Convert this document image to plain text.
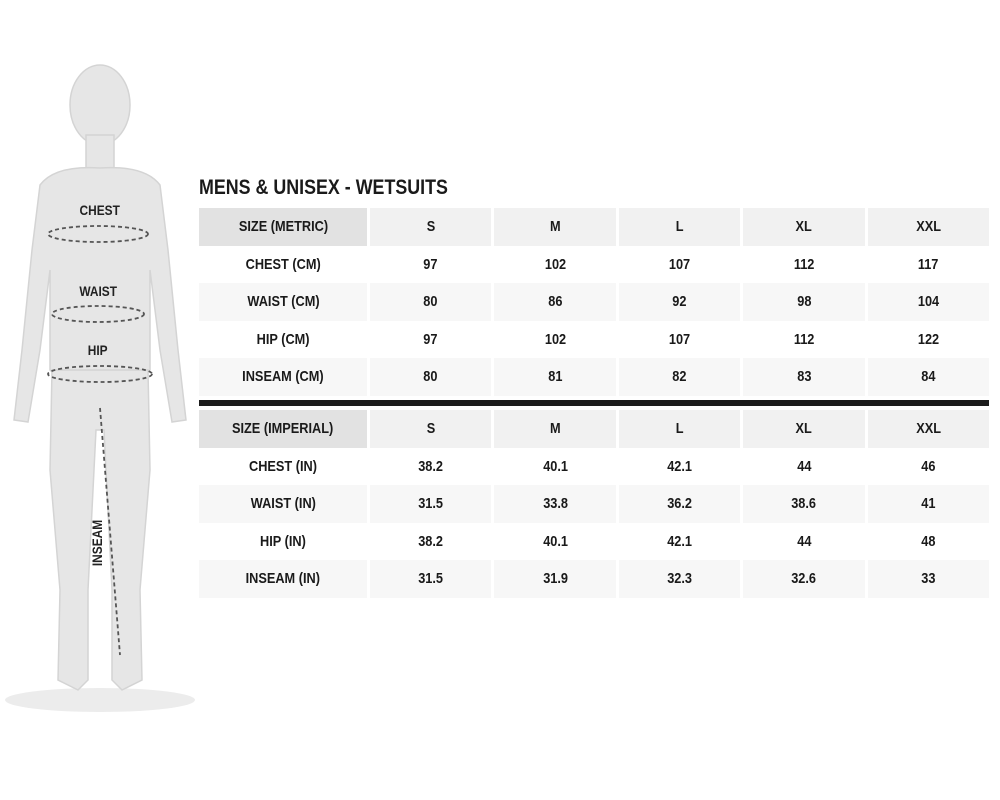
CHEST
WAIST
HIP
INSEAM
MENS & UNISEX - WETSUITS
SIZE (METRIC)	S	M	L	XL	XXL
CHEST (CM)	97	102	107	112	117
WAIST (CM)	80	86	92	98	104
HIP (CM)	97	102	107	112	122
INSEAM (CM)	80	81	82	83	84
SIZE (IMPERIAL)	S	M	L	XL	XXL
CHEST (IN)	38.2	40.1	42.1	44	46
WAIST (IN)	31.5	33.8	36.2	38.6	41
HIP (IN)	38.2	40.1	42.1	44	48
INSEAM (IN)	31.5	31.9	32.3	32.6	33
